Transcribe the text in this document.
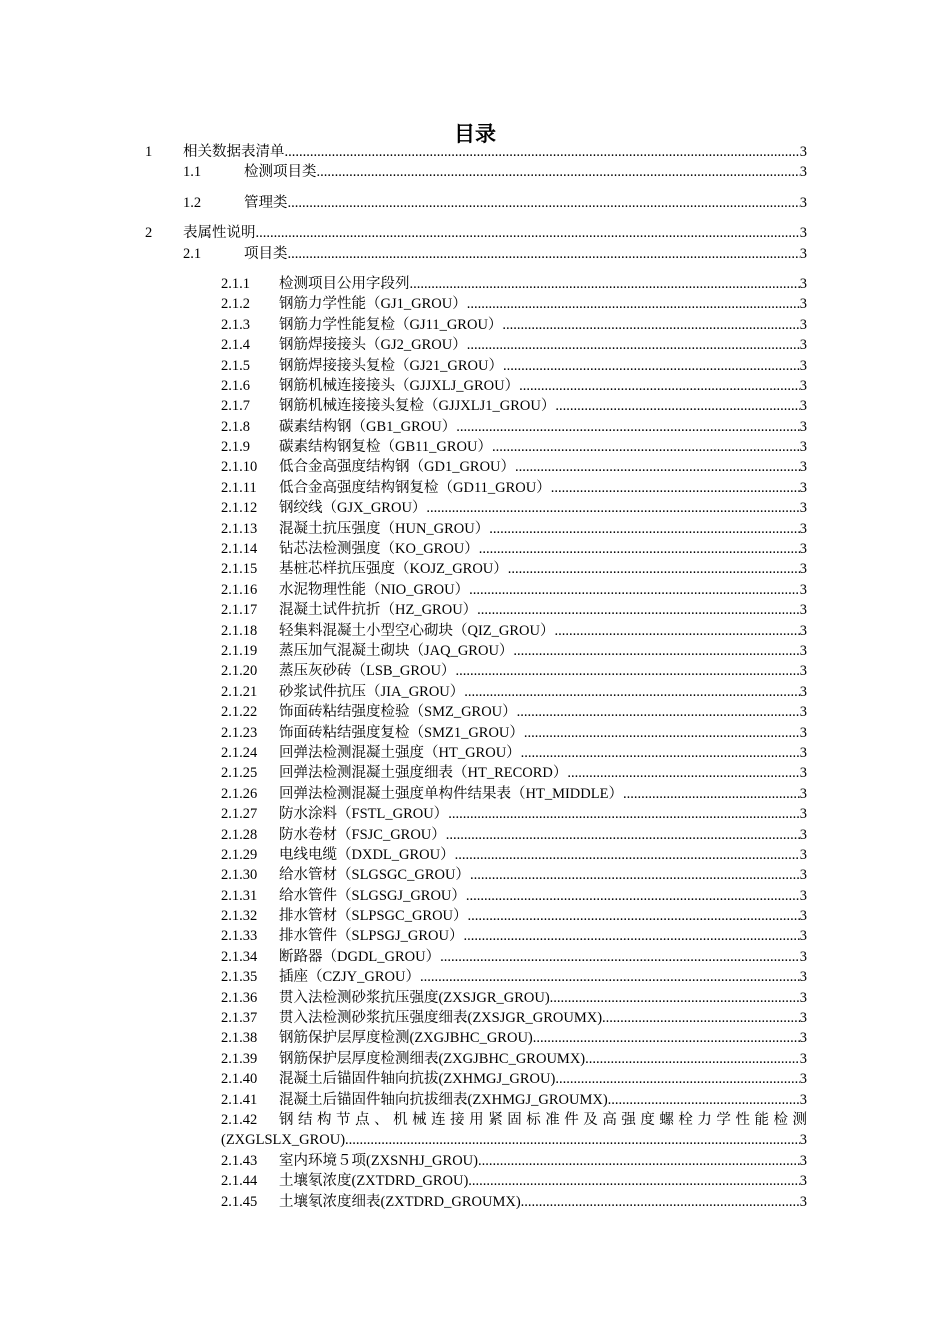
目录
1 相关数据表清单 .....	3
1.1	检测项目类 .....	3
1.2	管理类 .....	3
2 表属性说明 .....	3
2.1	项目类 .....	3
2.1.1 检测项目公用字段列 .....	3
2.1.2 钢筋力学性能（GJ1_GROU） .....	3
2.1.3 钢筋力学性能复检（GJ11_GROU） .....	3
2.1.4 钢筋焊接接头（GJ2_GROU） .....	3
2.1.5 钢筋焊接接头复检（GJ21_GROU） .....	3
2.1.6 钢筋机械连接接头（GJJXLJ_GROU） .....	3
2.1.7 钢筋机械连接接头复检（GJJXLJ1_GROU） .....	3
2.1.8 碳素结构钢（GB1_GROU） .....	3
2.1.9 碳素结构钢复检（GB11_GROU） .....	3
2.1.10 低合金高强度结构钢（GD1_GROU） .....	3
2.1.11 低合金高强度结构钢复检（GD11_GROU） .....	3
2.1.12 钢绞线（GJX_GROU） .....	3
2.1.13 混凝土抗压强度（HUN_GROU） .....	3
2.1.14 钻芯法检测强度（KO_GROU） .....	3
2.1.15 基桩芯样抗压强度（KOJZ_GROU） .....	3
2.1.16 水泥物理性能（NIO_GROU） .....	3
2.1.17 混凝土试件抗折（HZ_GROU） .....	3
2.1.18 轻集料混凝土小型空心砌块（QIZ_GROU） .....	3
2.1.19 蒸压加气混凝土砌块（JAQ_GROU） .....	3
2.1.20 蒸压灰砂砖（LSB_GROU） .....	3
2.1.21 砂浆试件抗压（JIA_GROU） .....	3
2.1.22 饰面砖粘结强度检验（SMZ_GROU） .....	3
2.1.23 饰面砖粘结强度复检（SMZ1_GROU） .....	3
2.1.24 回弹法检测混凝土强度（HT_GROU） .....	3
2.1.25 回弹法检测混凝土强度细表（HT_RECORD） .....	3
2.1.26 回弹法检测混凝土强度单构件结果表（HT_MIDDLE） .....	3
2.1.27 防水涂料（FSTL_GROU） .....	3
2.1.28 防水卷材（FSJC_GROU） .....	3
2.1.29 电线电缆（DXDL_GROU） .....	3
2.1.30 给水管材（SLGSGC_GROU） .....	3
2.1.31 给水管件（SLGSGJ_GROU） .....	3
2.1.32 排水管材（SLPSGC_GROU） .....	3
2.1.33 排水管件（SLPSGJ_GROU） .....	3
2.1.34 断路器（DGDL_GROU） .....	3
2.1.35 插座（CZJY_GROU） .....	3
2.1.36 贯入法检测砂浆抗压强度(ZXSJGR_GROU) .....	3
2.1.37 贯入法检测砂浆抗压强度细表(ZXSJGR_GROUMX) .....	3
2.1.38 钢筋保护层厚度检测(ZXGJBHC_GROU) .....	3
2.1.39 钢筋保护层厚度检测细表(ZXGJBHC_GROUMX) .....	3
2.1.40 混凝土后锚固件轴向抗拔(ZXHMGJ_GROU) .....	3
2.1.41 混凝土后锚固件轴向抗拔细表(ZXHMGJ_GROUMX) .....	3
2.1.42 钢结构节点、机械连接用紧固标准件及高强度螺栓力学性能检测
(ZXGLSLX_GROU) .....	3
2.1.43 室内环境５项(ZXSNHJ_GROU) .....	3
2.1.44 土壤氡浓度(ZXTDRD_GROU) .....	3
2.1.45 土壤氡浓度细表(ZXTDRD_GROUMX) .....	3
